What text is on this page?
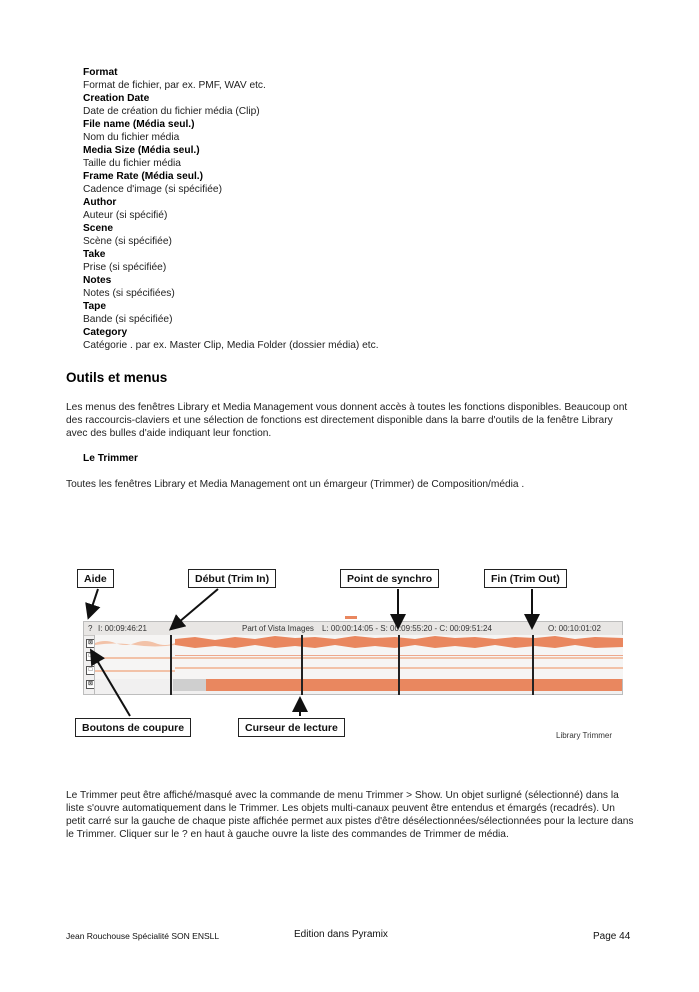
Format
Format de fichier, par ex. PMF, WAV etc.
Creation Date
Date de création du fichier média (Clip)
File name (Média seul.)
Nom du fichier média
Media Size (Média seul.)
Taille du fichier média
Frame Rate (Média seul.)
Cadence d'image (si spécifiée)
Author
Auteur (si spécifié)
Scene
Scène (si spécifiée)
Take
Prise (si spécifiée)
Notes
Notes (si spécifiées)
Tape
Bande (si spécifiée)
Category
Catégorie . par ex. Master Clip, Media Folder (dossier média) etc.
Outils et menus
Les menus des fenêtres Library et Media Management vous donnent accès à toutes les fonctions disponibles. Beaucoup ont des raccourcis-claviers et une sélection de fonctions est directement disponible dans la barre d'outils de la fenêtre Library avec des bulles d'aide indiquant leur fonction.
Le Trimmer
Toutes les fenêtres Library et Media Management ont un émargeur (Trimmer) de Composition/média .
Aide	Début (Trim In)	Point de synchro	Fin (Trim Out)
? I: 00:09:46:21	Part of Vista Images L: 00:00:14:05 - S: 00:09:55:20 - C: 00:09:51:24	O: 00:10:01:02
⊠
□
□
⊠
Boutons de coupure	Curseur de lecture
Library Trimmer
Le Trimmer peut être affiché/masqué avec la commande de menu Trimmer > Show. Un objet surligné (sélectionné) dans la liste s'ouvre automatiquement dans le Trimmer. Les objets multi-canaux peuvent être entendus et émargés (recadrés). Un petit carré sur la gauche de chaque piste affichée permet aux pistes d'être désélectionnées/sélectionnées pour la lecture dans le Trimmer. Cliquer sur le ? en haut à gauche ouvre la liste des commandes de Trimmer de média.
Jean Rouchouse Spécialité SON ENSLL	Edition dans Pyramix	Page 44
